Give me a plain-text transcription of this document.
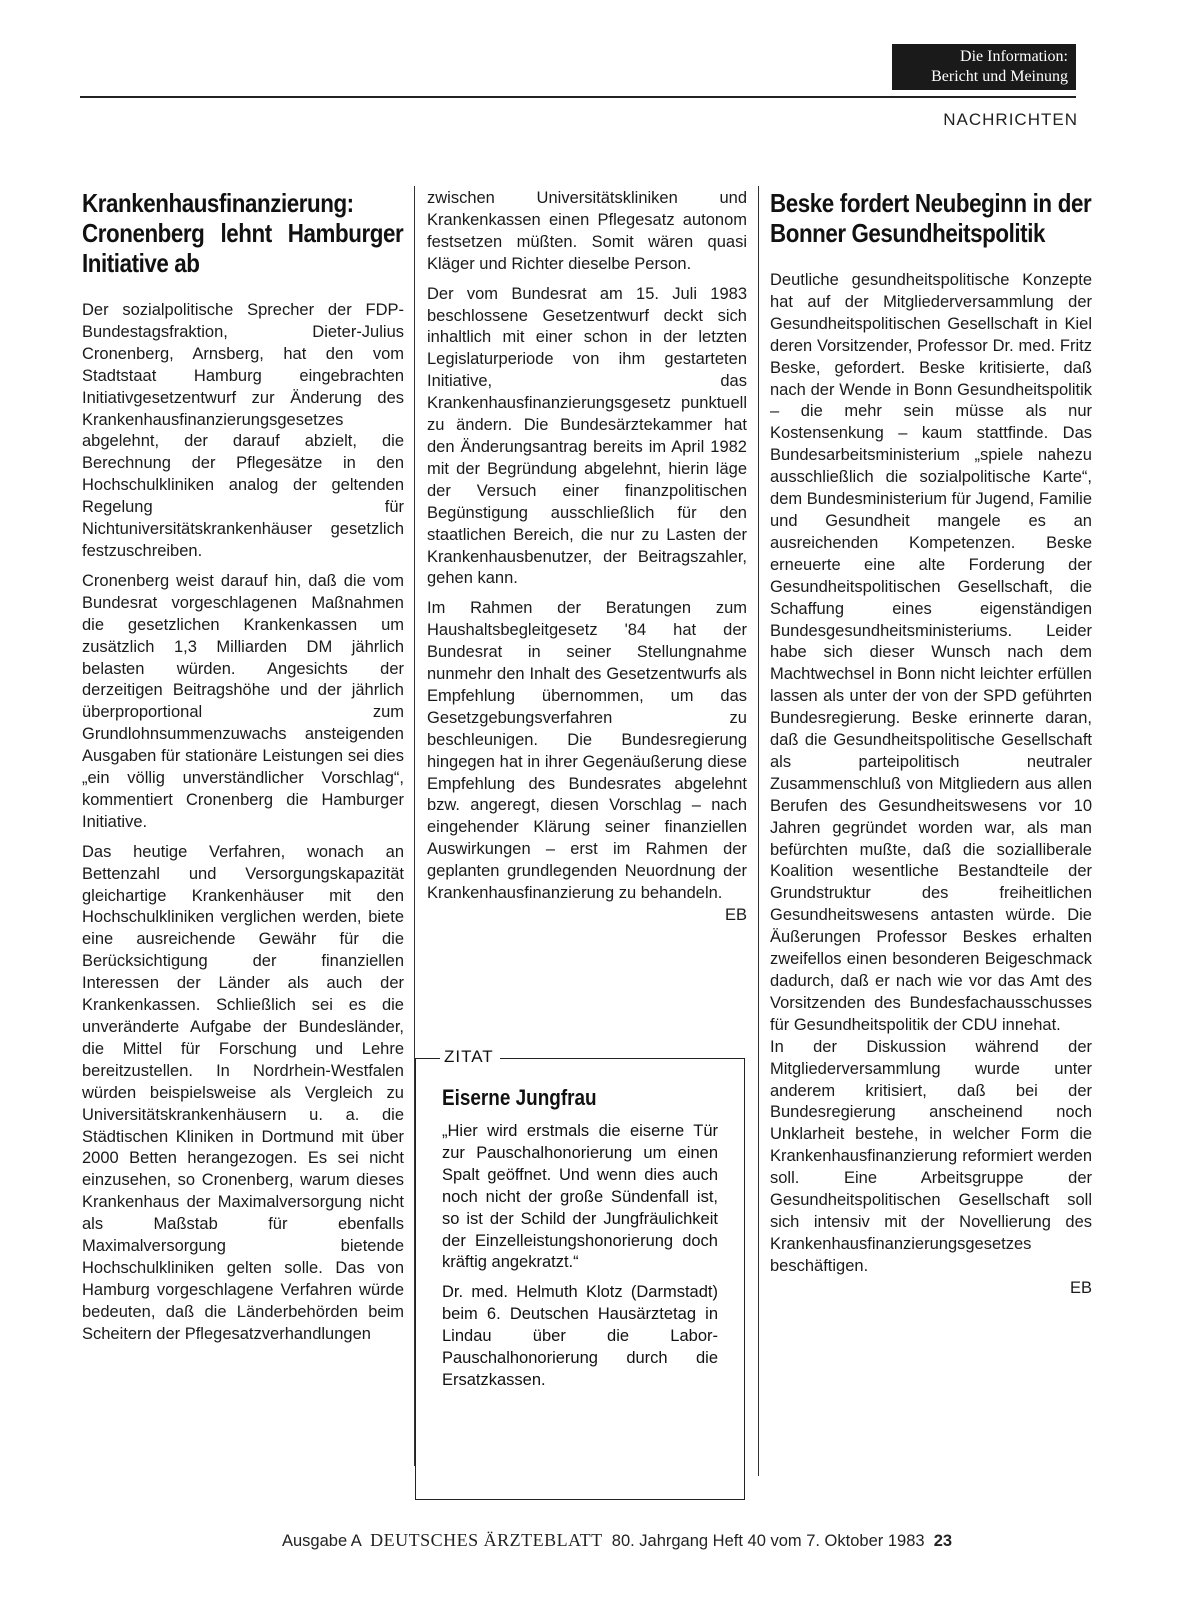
Die Information:
Bericht und Meinung
NACHRICHTEN
Krankenhausfinanzierung: Cronenberg lehnt Hamburger Initiative ab

Der sozialpolitische Sprecher der FDP-Bundestagsfraktion, Dieter-Julius Cronenberg, Arnsberg, hat den vom Stadtstaat Hamburg eingebrachten Initiativgesetzentwurf zur Änderung des Krankenhausfinanzierungsgesetzes abgelehnt, der darauf abzielt, die Berechnung der Pflegesätze in den Hochschulkliniken analog der geltenden Regelung für Nichtuniversitätskrankenhäuser gesetzlich festzuschreiben.

Cronenberg weist darauf hin, daß die vom Bundesrat vorgeschlagenen Maßnahmen die gesetzlichen Krankenkassen um zusätzlich 1,3 Milliarden DM jährlich belasten würden. Angesichts der derzeitigen Beitragshöhe und der jährlich überproportional zum Grundlohnsummenzuwachs ansteigenden Ausgaben für stationäre Leistungen sei dies „ein völlig unverständlicher Vorschlag“, kommentiert Cronenberg die Hamburger Initiative.

Das heutige Verfahren, wonach an Bettenzahl und Versorgungskapazität gleichartige Krankenhäuser mit den Hochschulkliniken verglichen werden, biete eine ausreichende Gewähr für die Berücksichtigung der finanziellen Interessen der Länder als auch der Krankenkassen. Schließlich sei es die unveränderte Aufgabe der Bundesländer, die Mittel für Forschung und Lehre bereitzustellen. In Nordrhein-Westfalen würden beispielsweise als Vergleich zu Universitätskrankenhäusern u. a. die Städtischen Kliniken in Dortmund mit über 2000 Betten herangezogen. Es sei nicht einzusehen, so Cronenberg, warum dieses Krankenhaus der Maximalversorgung nicht als Maßstab für ebenfalls Maximalversorgung bietende Hochschulkliniken gelten solle. Das von Hamburg vorgeschlagene Verfahren würde bedeuten, daß die Länderbehörden beim Scheitern der Pflegesatzverhandlungen

zwischen Universitätskliniken und Krankenkassen einen Pflegesatz autonom festsetzen müßten. Somit wären quasi Kläger und Richter dieselbe Person.

Der vom Bundesrat am 15. Juli 1983 beschlossene Gesetzentwurf deckt sich inhaltlich mit einer schon in der letzten Legislaturperiode von ihm gestarteten Initiative, das Krankenhausfinanzierungsgesetz punktuell zu ändern. Die Bundesärztekammer hat den Änderungsantrag bereits im April 1982 mit der Begründung abgelehnt, hierin läge der Versuch einer finanzpolitischen Begünstigung ausschließlich für den staatlichen Bereich, die nur zu Lasten der Krankenhausbenutzer, der Beitragszahler, gehen kann.

Im Rahmen der Beratungen zum Haushaltsbegleitgesetz '84 hat der Bundesrat in seiner Stellungnahme nunmehr den Inhalt des Gesetzentwurfs als Empfehlung übernommen, um das Gesetzgebungsverfahren zu beschleunigen. Die Bundesregierung hingegen hat in ihrer Gegenäußerung diese Empfehlung des Bundesrates abgelehnt bzw. angeregt, diesen Vorschlag – nach eingehender Klärung seiner finanziellen Auswirkungen – erst im Rahmen der geplanten grundlegenden Neuordnung der Krankenhausfinanzierung zu behandeln.

EB
ZITAT
Eiserne Jungfrau

„Hier wird erstmals die eiserne Tür zur Pauschalhonorierung um einen Spalt geöffnet. Und wenn dies auch noch nicht der große Sündenfall ist, so ist der Schild der Jungfräulichkeit der Einzelleistungshonorierung doch kräftig angekratzt.“

Dr. med. Helmuth Klotz (Darmstadt) beim 6. Deutschen Hausärztetag in Lindau über die Labor-Pauschalhonorierung durch die Ersatzkassen.

Beske fordert Neubeginn in der Bonner Gesundheitspolitik

Deutliche gesundheitspolitische Konzepte hat auf der Mitgliederversammlung der Gesundheitspolitischen Gesellschaft in Kiel deren Vorsitzender, Professor Dr. med. Fritz Beske, gefordert. Beske kritisierte, daß nach der Wende in Bonn Gesundheitspolitik – die mehr sein müsse als nur Kostensenkung – kaum stattfinde. Das Bundesarbeitsministerium „spiele nahezu ausschließlich die sozialpolitische Karte“, dem Bundesministerium für Jugend, Familie und Gesundheit mangele es an ausreichenden Kompetenzen. Beske erneuerte eine alte Forderung der Gesundheitspolitischen Gesellschaft, die Schaffung eines eigenständigen Bundesgesundheitsministeriums. Leider habe sich dieser Wunsch nach dem Machtwechsel in Bonn nicht leichter erfüllen lassen als unter der von der SPD geführten Bundesregierung. Beske erinnerte daran, daß die Gesundheitspolitische Gesellschaft als parteipolitisch neutraler Zusammenschluß von Mitgliedern aus allen Berufen des Gesundheitswesens vor 10 Jahren gegründet worden war, als man befürchten mußte, daß die sozialliberale Koalition wesentliche Bestandteile der Grundstruktur des freiheitlichen Gesundheitswesens antasten würde. Die Äußerungen Professor Beskes erhalten zweifellos einen besonderen Beigeschmack dadurch, daß er nach wie vor das Amt des Vorsitzenden des Bundesfachausschusses für Gesundheitspolitik der CDU innehat.

In der Diskussion während der Mitgliederversammlung wurde unter anderem kritisiert, daß bei der Bundesregierung anscheinend noch Unklarheit bestehe, in welcher Form die Krankenhausfinanzierung reformiert werden soll. Eine Arbeitsgruppe der Gesundheitspolitischen Gesellschaft soll sich intensiv mit der Novellierung des Krankenhausfinanzierungsgesetzes beschäftigen.

EB
Ausgabe A DEUTSCHES ÄRZTEBLATT 80. Jahrgang Heft 40 vom 7. Oktober 1983 23
